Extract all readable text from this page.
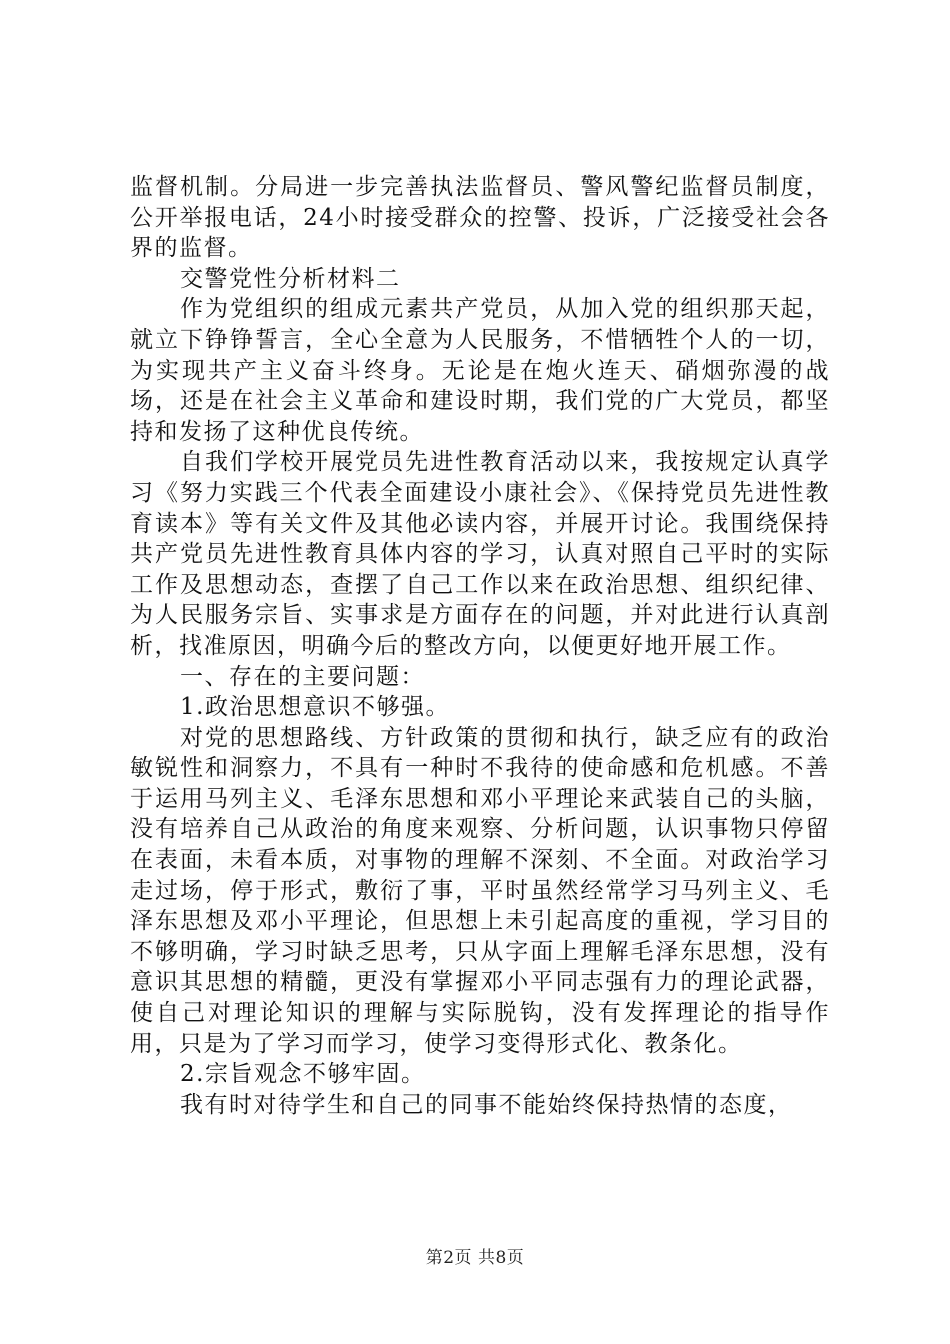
监督机制。分局进一步完善执法监督员、警风警纪监督员制度，公开举报电话，24小时接受群众的控警、投诉，广泛接受社会各界的监督。

交警党性分析材料二

作为党组织的组成元素共产党员，从加入党的组织那天起，就立下铮铮誓言，全心全意为人民服务，不惜牺牲个人的一切，为实现共产主义奋斗终身。无论是在炮火连天、硝烟弥漫的战场，还是在社会主义革命和建设时期，我们党的广大党员，都坚持和发扬了这种优良传统。

自我们学校开展党员先进性教育活动以来，我按规定认真学习《努力实践三个代表全面建设小康社会》、《保持党员先进性教育读本》等有关文件及其他必读内容，并展开讨论。我围绕保持共产党员先进性教育具体内容的学习，认真对照自己平时的实际工作及思想动态，查摆了自己工作以来在政治思想、组织纪律、为人民服务宗旨、实事求是方面存在的问题，并对此进行认真剖析，找准原因，明确今后的整改方向，以便更好地开展工作。

一、存在的主要问题：

1.政治思想意识不够强。

对党的思想路线、方针政策的贯彻和执行，缺乏应有的政治敏锐性和洞察力，不具有一种时不我待的使命感和危机感。不善于运用马列主义、毛泽东思想和邓小平理论来武装自己的头脑，没有培养自己从政治的角度来观察、分析问题，认识事物只停留在表面，未看本质，对事物的理解不深刻、不全面。对政治学习走过场，停于形式，敷衍了事，平时虽然经常学习马列主义、毛泽东思想及邓小平理论，但思想上未引起高度的重视，学习目的不够明确，学习时缺乏思考，只从字面上理解毛泽东思想，没有意识其思想的精髓，更没有掌握邓小平同志强有力的理论武器，使自己对理论知识的理解与实际脱钩，没有发挥理论的指导作用，只是为了学习而学习，使学习变得形式化、教条化。

2.宗旨观念不够牢固。

我有时对待学生和自己的同事不能始终保持热情的态度，

第2页 共8页
